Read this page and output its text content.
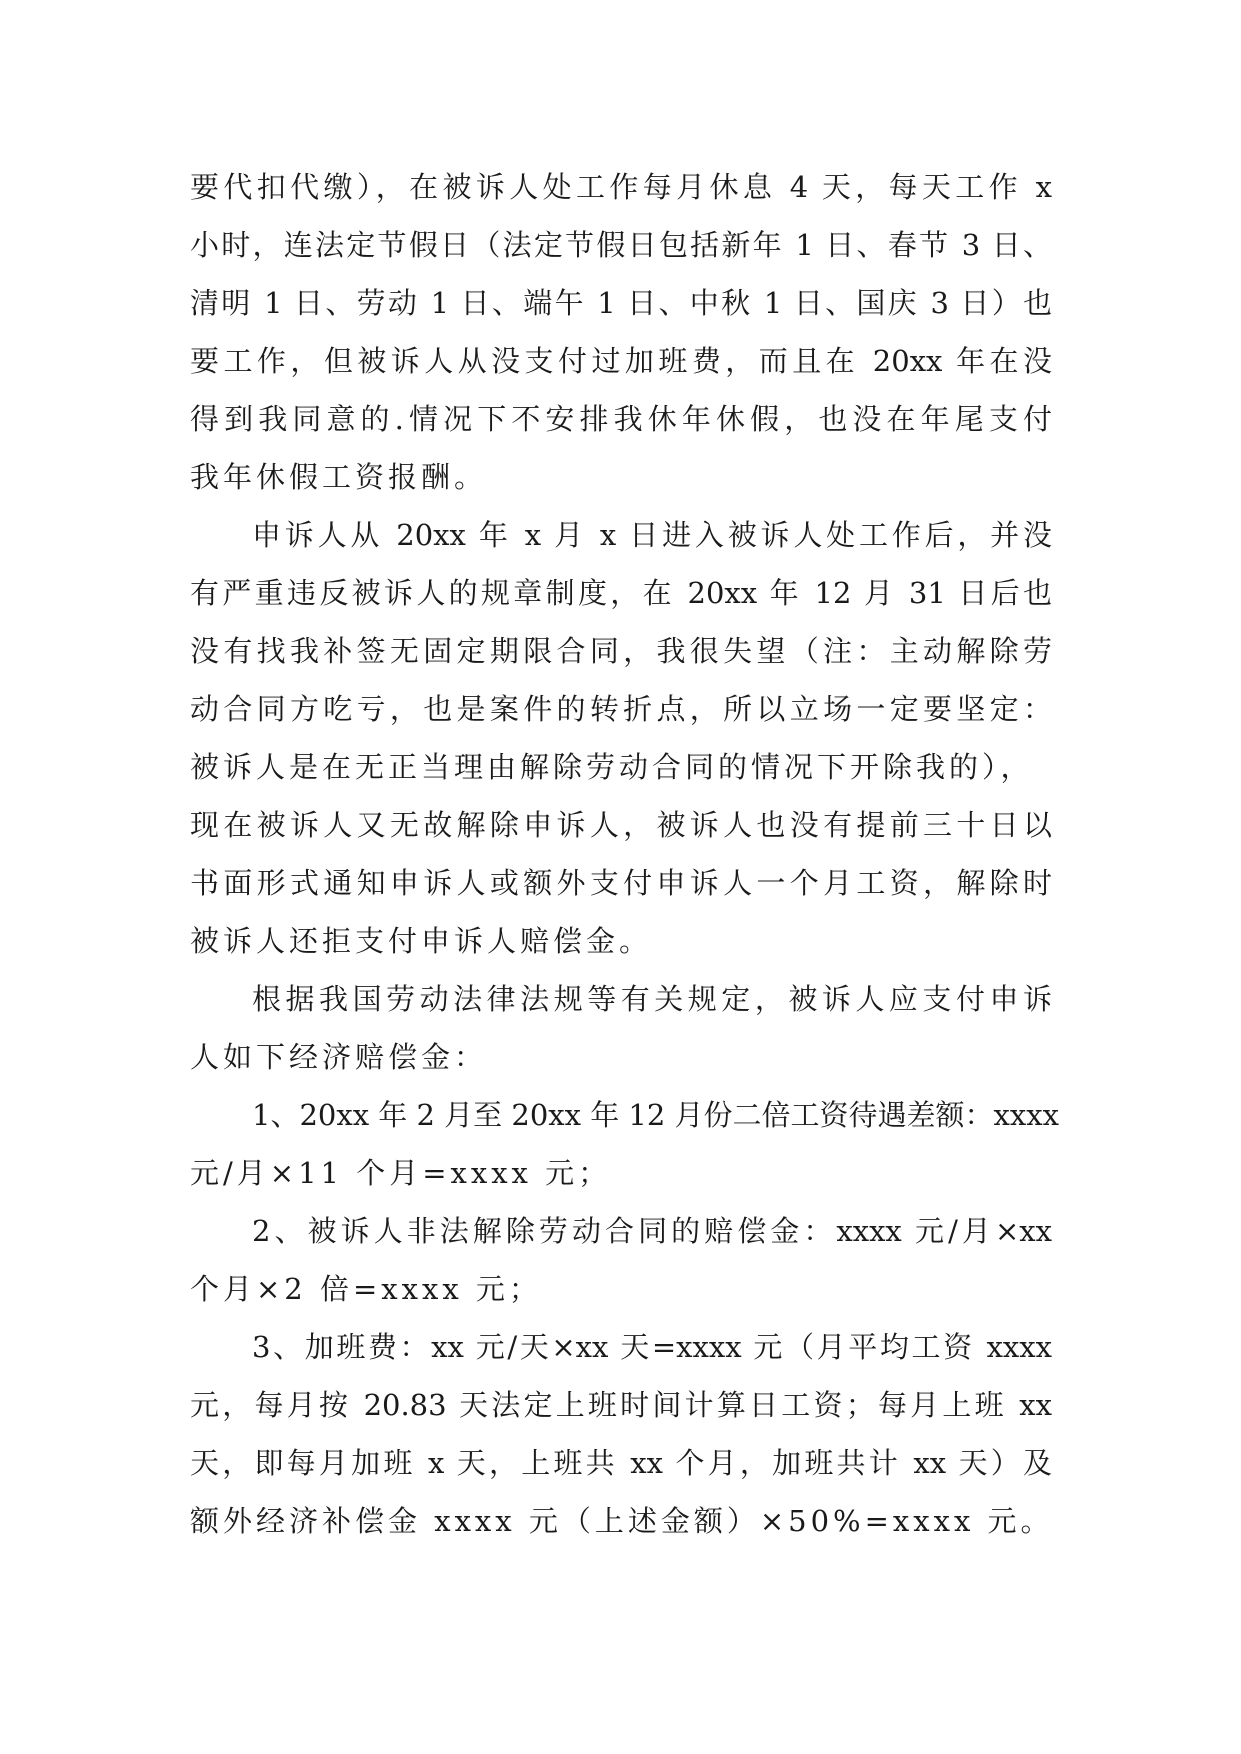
要代扣代缴），在被诉人处工作每月休息 4 天，每天工作 x
小时，连法定节假日（法定节假日包括新年 1 日、春节 3 日、
清明 1 日、劳动 1 日、端午 1 日、中秋 1 日、国庆 3 日）也
要工作，但被诉人从没支付过加班费，而且在 20xx 年在没
得到我同意的.情况下不安排我休年休假，也没在年尾支付
我年休假工资报酬。
申诉人从 20xx 年 x 月 x 日进入被诉人处工作后，并没
有严重违反被诉人的规章制度，在 20xx 年 12 月 31 日后也
没有找我补签无固定期限合同，我很失望（注：主动解除劳
动合同方吃亏，也是案件的转折点，所以立场一定要坚定：
被诉人是在无正当理由解除劳动合同的情况下开除我的），
现在被诉人又无故解除申诉人，被诉人也没有提前三十日以
书面形式通知申诉人或额外支付申诉人一个月工资，解除时
被诉人还拒支付申诉人赔偿金。
根据我国劳动法律法规等有关规定，被诉人应支付申诉
人如下经济赔偿金：
1、20xx 年 2 月至 20xx 年 12 月份二倍工资待遇差额：xxxx
元/月×11 个月=xxxx 元；
2、被诉人非法解除劳动合同的赔偿金：xxxx 元/月×xx
个月×2 倍=xxxx 元；
3、加班费：xx 元/天×xx 天=xxxx 元（月平均工资 xxxx
元，每月按 20.83 天法定上班时间计算日工资；每月上班 xx
天，即每月加班 x 天，上班共 xx 个月，加班共计 xx 天）及
额外经济补偿金 xxxx 元（上述金额）×50%=xxxx 元。
